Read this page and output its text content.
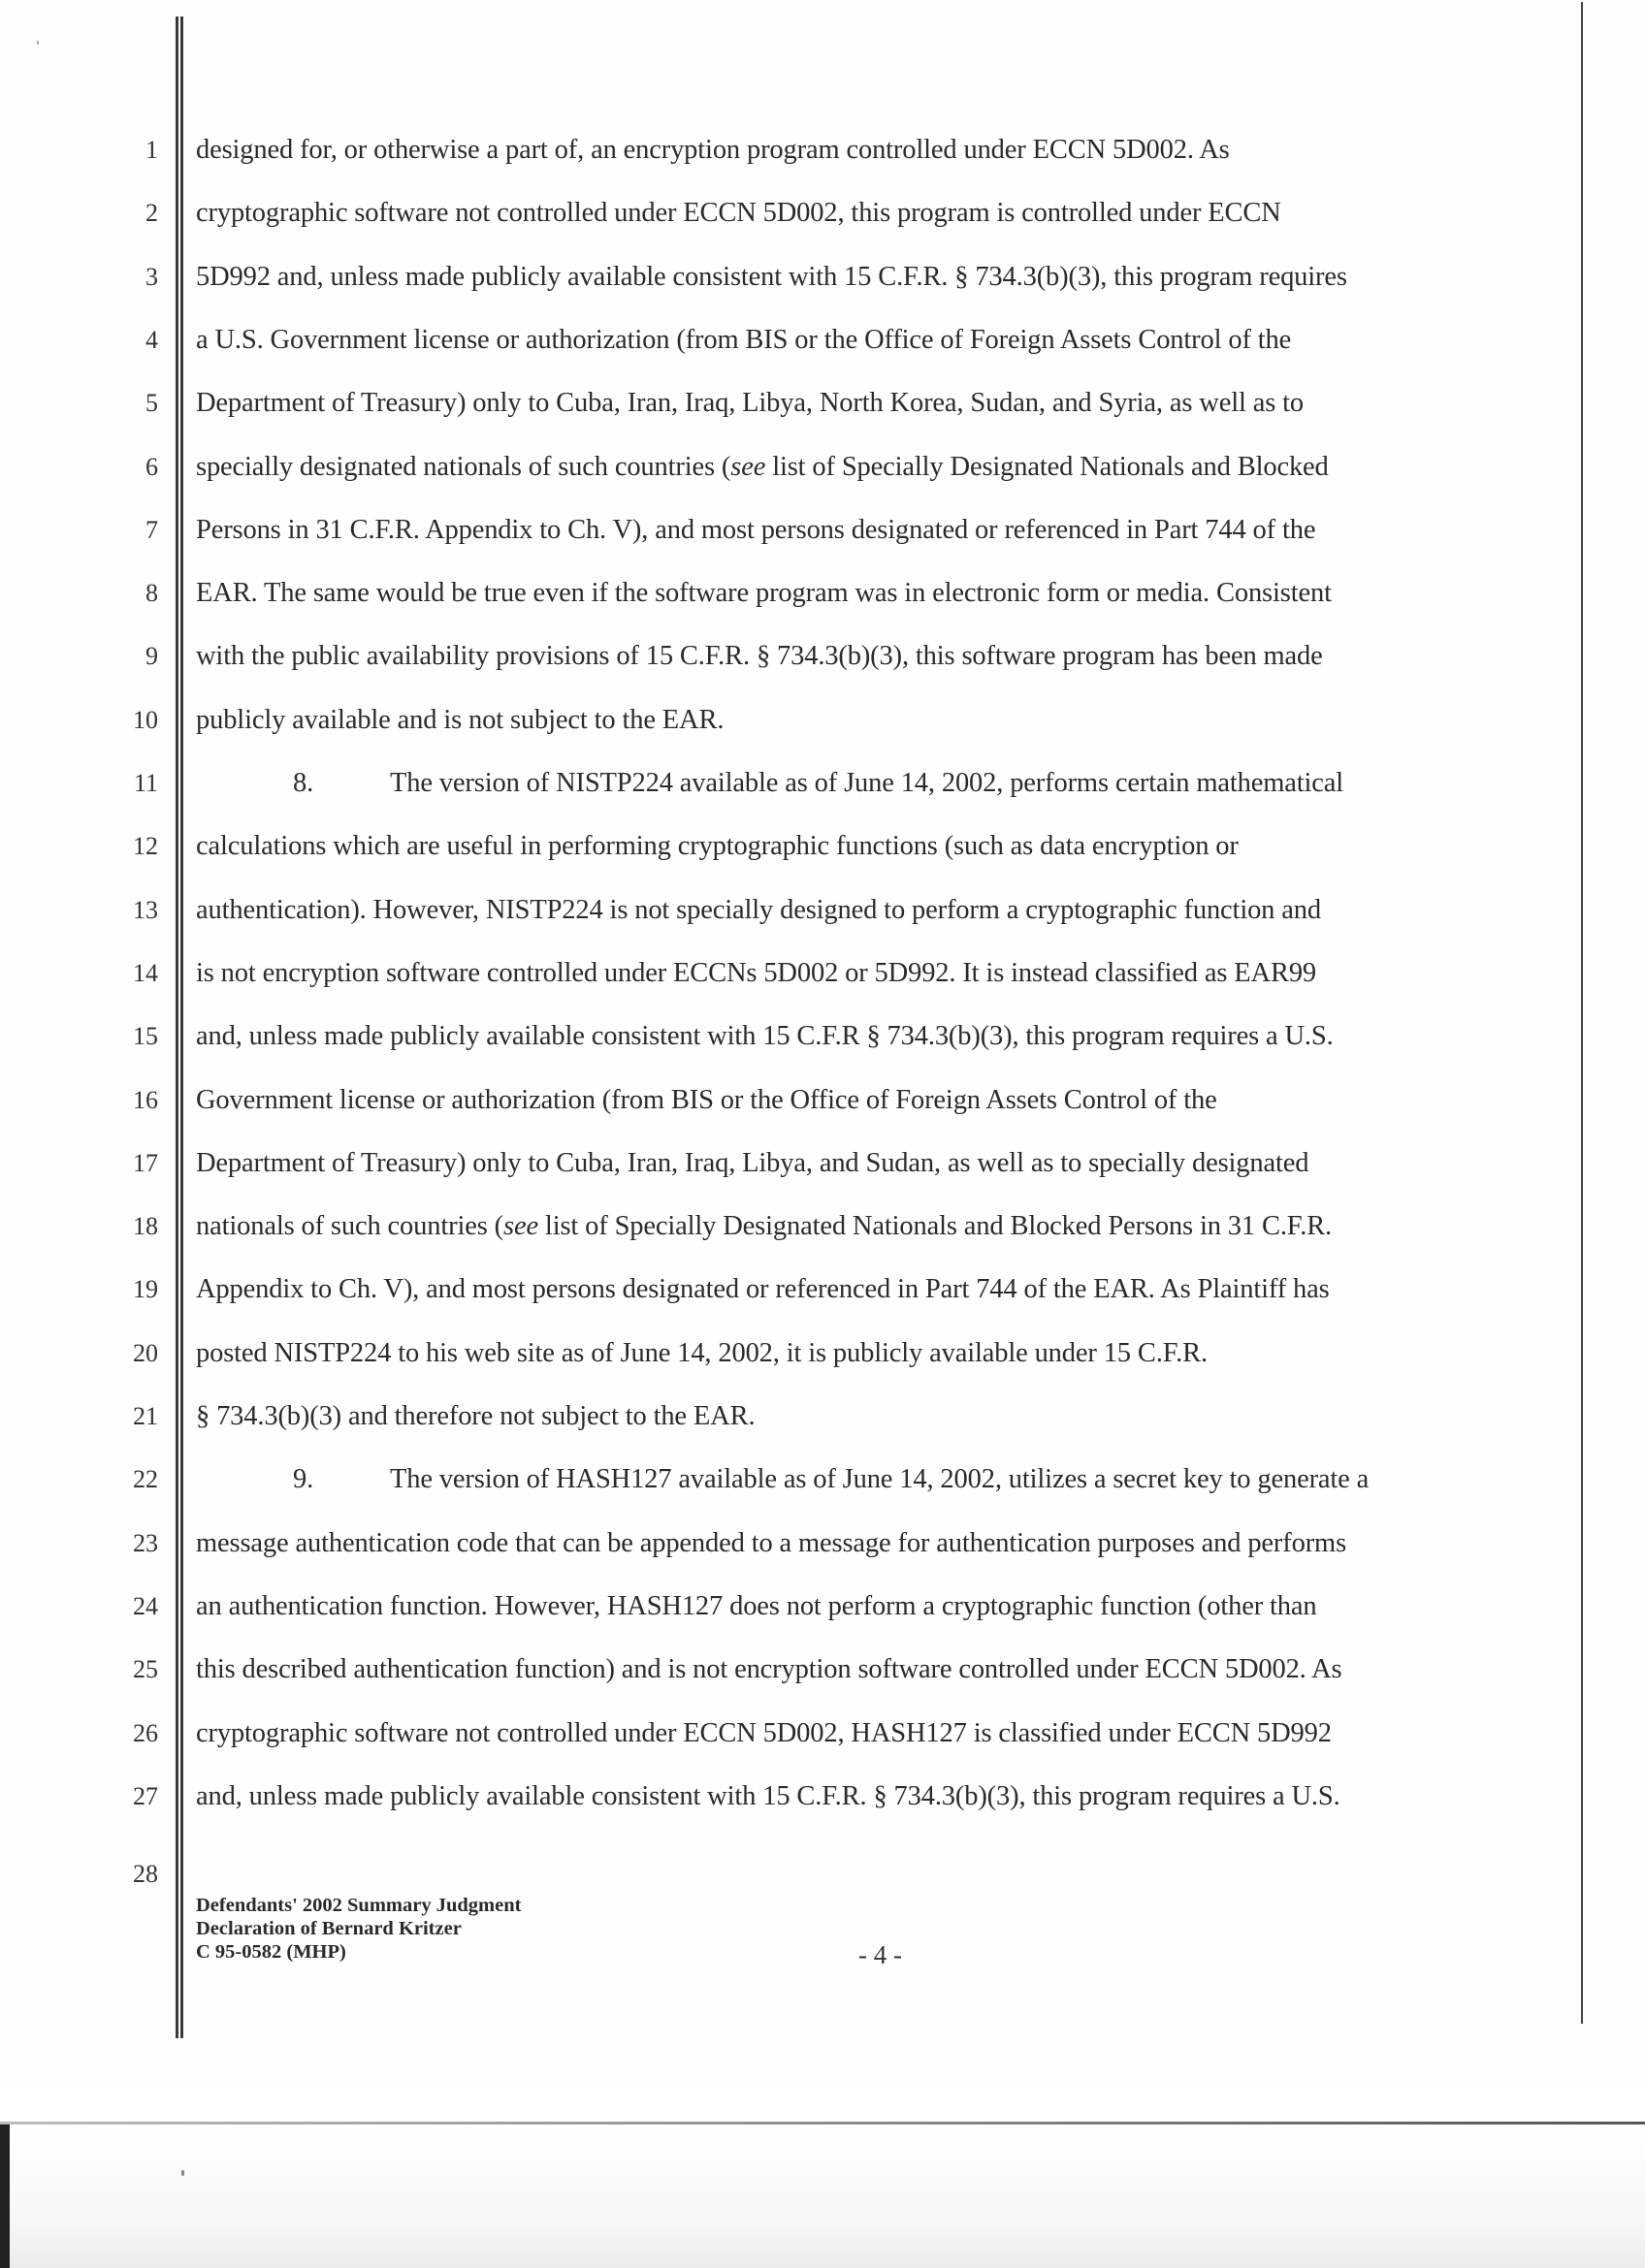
1
2
3
4
5
6
7
8
9
10
11
12
13
14
15
16
17
18
19
20
21
22
23
24
25
26
27
designed for, or otherwise a part of, an encryption program controlled under ECCN 5D002. As
cryptographic software not controlled under ECCN 5D002, this program is controlled under ECCN
5D992 and, unless made publicly available consistent with 15 C.F.R. § 734.3(b)(3), this program requires
a U.S. Government license or authorization (from BIS or the Office of Foreign Assets Control of the
Department of Treasury) only to Cuba, Iran, Iraq, Libya, North Korea, Sudan, and Syria, as well as to
specially designated nationals of such countries (see list of Specially Designated Nationals and Blocked
Persons in 31 C.F.R. Appendix to Ch. V), and most persons designated or referenced in Part 744 of the
EAR. The same would be true even if the software program was in electronic form or media. Consistent
with the public availability provisions of 15 C.F.R. § 734.3(b)(3), this software program has been made
publicly available and is not subject to the EAR.
8.	The version of NISTP224 available as of June 14, 2002, performs certain mathematical
calculations which are useful in performing cryptographic functions (such as data encryption or
authentication). However, NISTP224 is not specially designed to perform a cryptographic function and
is not encryption software controlled under ECCNs 5D002 or 5D992. It is instead classified as EAR99
and, unless made publicly available consistent with 15 C.F.R § 734.3(b)(3), this program requires a U.S.
Government license or authorization (from BIS or the Office of Foreign Assets Control of the
Department of Treasury) only to Cuba, Iran, Iraq, Libya, and Sudan, as well as to specially designated
nationals of such countries (see list of Specially Designated Nationals and Blocked Persons in 31 C.F.R.
Appendix to Ch. V), and most persons designated or referenced in Part 744 of the EAR. As Plaintiff has
posted NISTP224 to his web site as of June 14, 2002, it is publicly available under 15 C.F.R.
§ 734.3(b)(3) and therefore not subject to the EAR.
9.	The version of HASH127 available as of June 14, 2002, utilizes a secret key to generate a
message authentication code that can be appended to a message for authentication purposes and performs
an authentication function. However, HASH127 does not perform a cryptographic function (other than
this described authentication function) and is not encryption software controlled under ECCN 5D002. As
cryptographic software not controlled under ECCN 5D002, HASH127 is classified under ECCN 5D992
and, unless made publicly available consistent with 15 C.F.R. § 734.3(b)(3), this program requires a U.S.
28
Defendants' 2002 Summary Judgment
Declaration of Bernard Kritzer
C 95-0582 (MHP)	- 4 -
